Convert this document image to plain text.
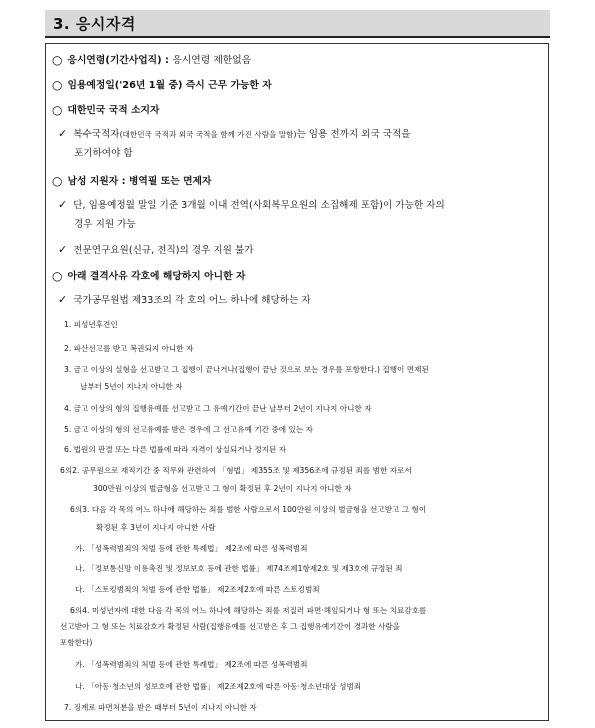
3. 응시자격
○ 응시연령(기간사업직) : 응시연령 제한없음
○ 임용예정일('26년 1월 중) 즉시 근무 가능한 자
○ 대한민국 국적 소지자
✓ 복수국적자(대한민국 국적과 외국 국적을 함께 가진 사람을 말함)는 임용 전까지 외국 국적을
포기하여야 함
○ 남성 지원자 : 병역필 또는 면제자
✓ 단, 임용예정월 말일 기준 3개월 이내 전역(사회복무요원의 소집해제 포함)이 가능한 자의
경우 지원 가능
✓ 전문연구요원(신규, 전직)의 경우 지원 불가
○ 아래 결격사유 각호에 해당하지 아니한 자
✓ 국가공무원법 제33조의 각 호의 어느 하나에 해당하는 자
1. 피성년후견인
2. 파산선고를 받고 복권되지 아니한 자
3. 금고 이상의 실형을 선고받고 그 집행이 끝나거나(집행이 끝난 것으로 보는 경우를 포함한다.) 집행이 면제된
날부터 5년이 지나지 아니한 자
4. 금고 이상의 형의 집행유예를 선고받고 그 유예기간이 끝난 날부터 2년이 지나지 아니한 자
5. 금고 이상의 형의 선고유예를 받은 경우에 그 선고유예 기간 중에 있는 자
6. 법원의 판결 또는 다른 법률에 따라 자격이 상실되거나 정지된 자
6의2. 공무원으로 재직기간 중 직무와 관련하여 「형법」 제355조 및 제356조에 규정된 죄를 범한 자로서
300만원 이상의 벌금형을 선고받고 그 형이 확정된 후 2년이 지나지 아니한 자
6의3. 다음 각 목의 어느 하나에 해당하는 죄를 범한 사람으로서 100만원 이상의 벌금형을 선고받고 그 형이
확정된 후 3년이 지나지 아니한 사람
가. 「성폭력범죄의 처벌 등에 관한 특례법」 제2조에 따른 성폭력범죄
나. 「정보통신망 이용촉진 및 정보보호 등에 관한 법률」 제74조제1항제2호 및 제3호에 규정된 죄
다. 「스토킹범죄의 처벌 등에 관한 법률」 제2조제2호에 따른 스토킹범죄
6의4. 미성년자에 대한 다음 각 목의 어느 하나에 해당하는 죄를 저질러 파면·해임되거나 형 또는 치료감호를
선고받아 그 형 또는 치료감호가 확정된 사람(집행유예를 선고받은 후 그 집행유예기간이 경과한 사람을
포함한다)
가. 「성폭력범죄의 처벌 등에 관한 특례법」 제2조에 따른 성폭력범죄
나. 「아동·청소년의 성보호에 관한 법률」 제2조제2호에 따른 아동·청소년대상 성범죄
7. 징계로 파면처분을 받은 때부터 5년이 지나지 아니한 자
